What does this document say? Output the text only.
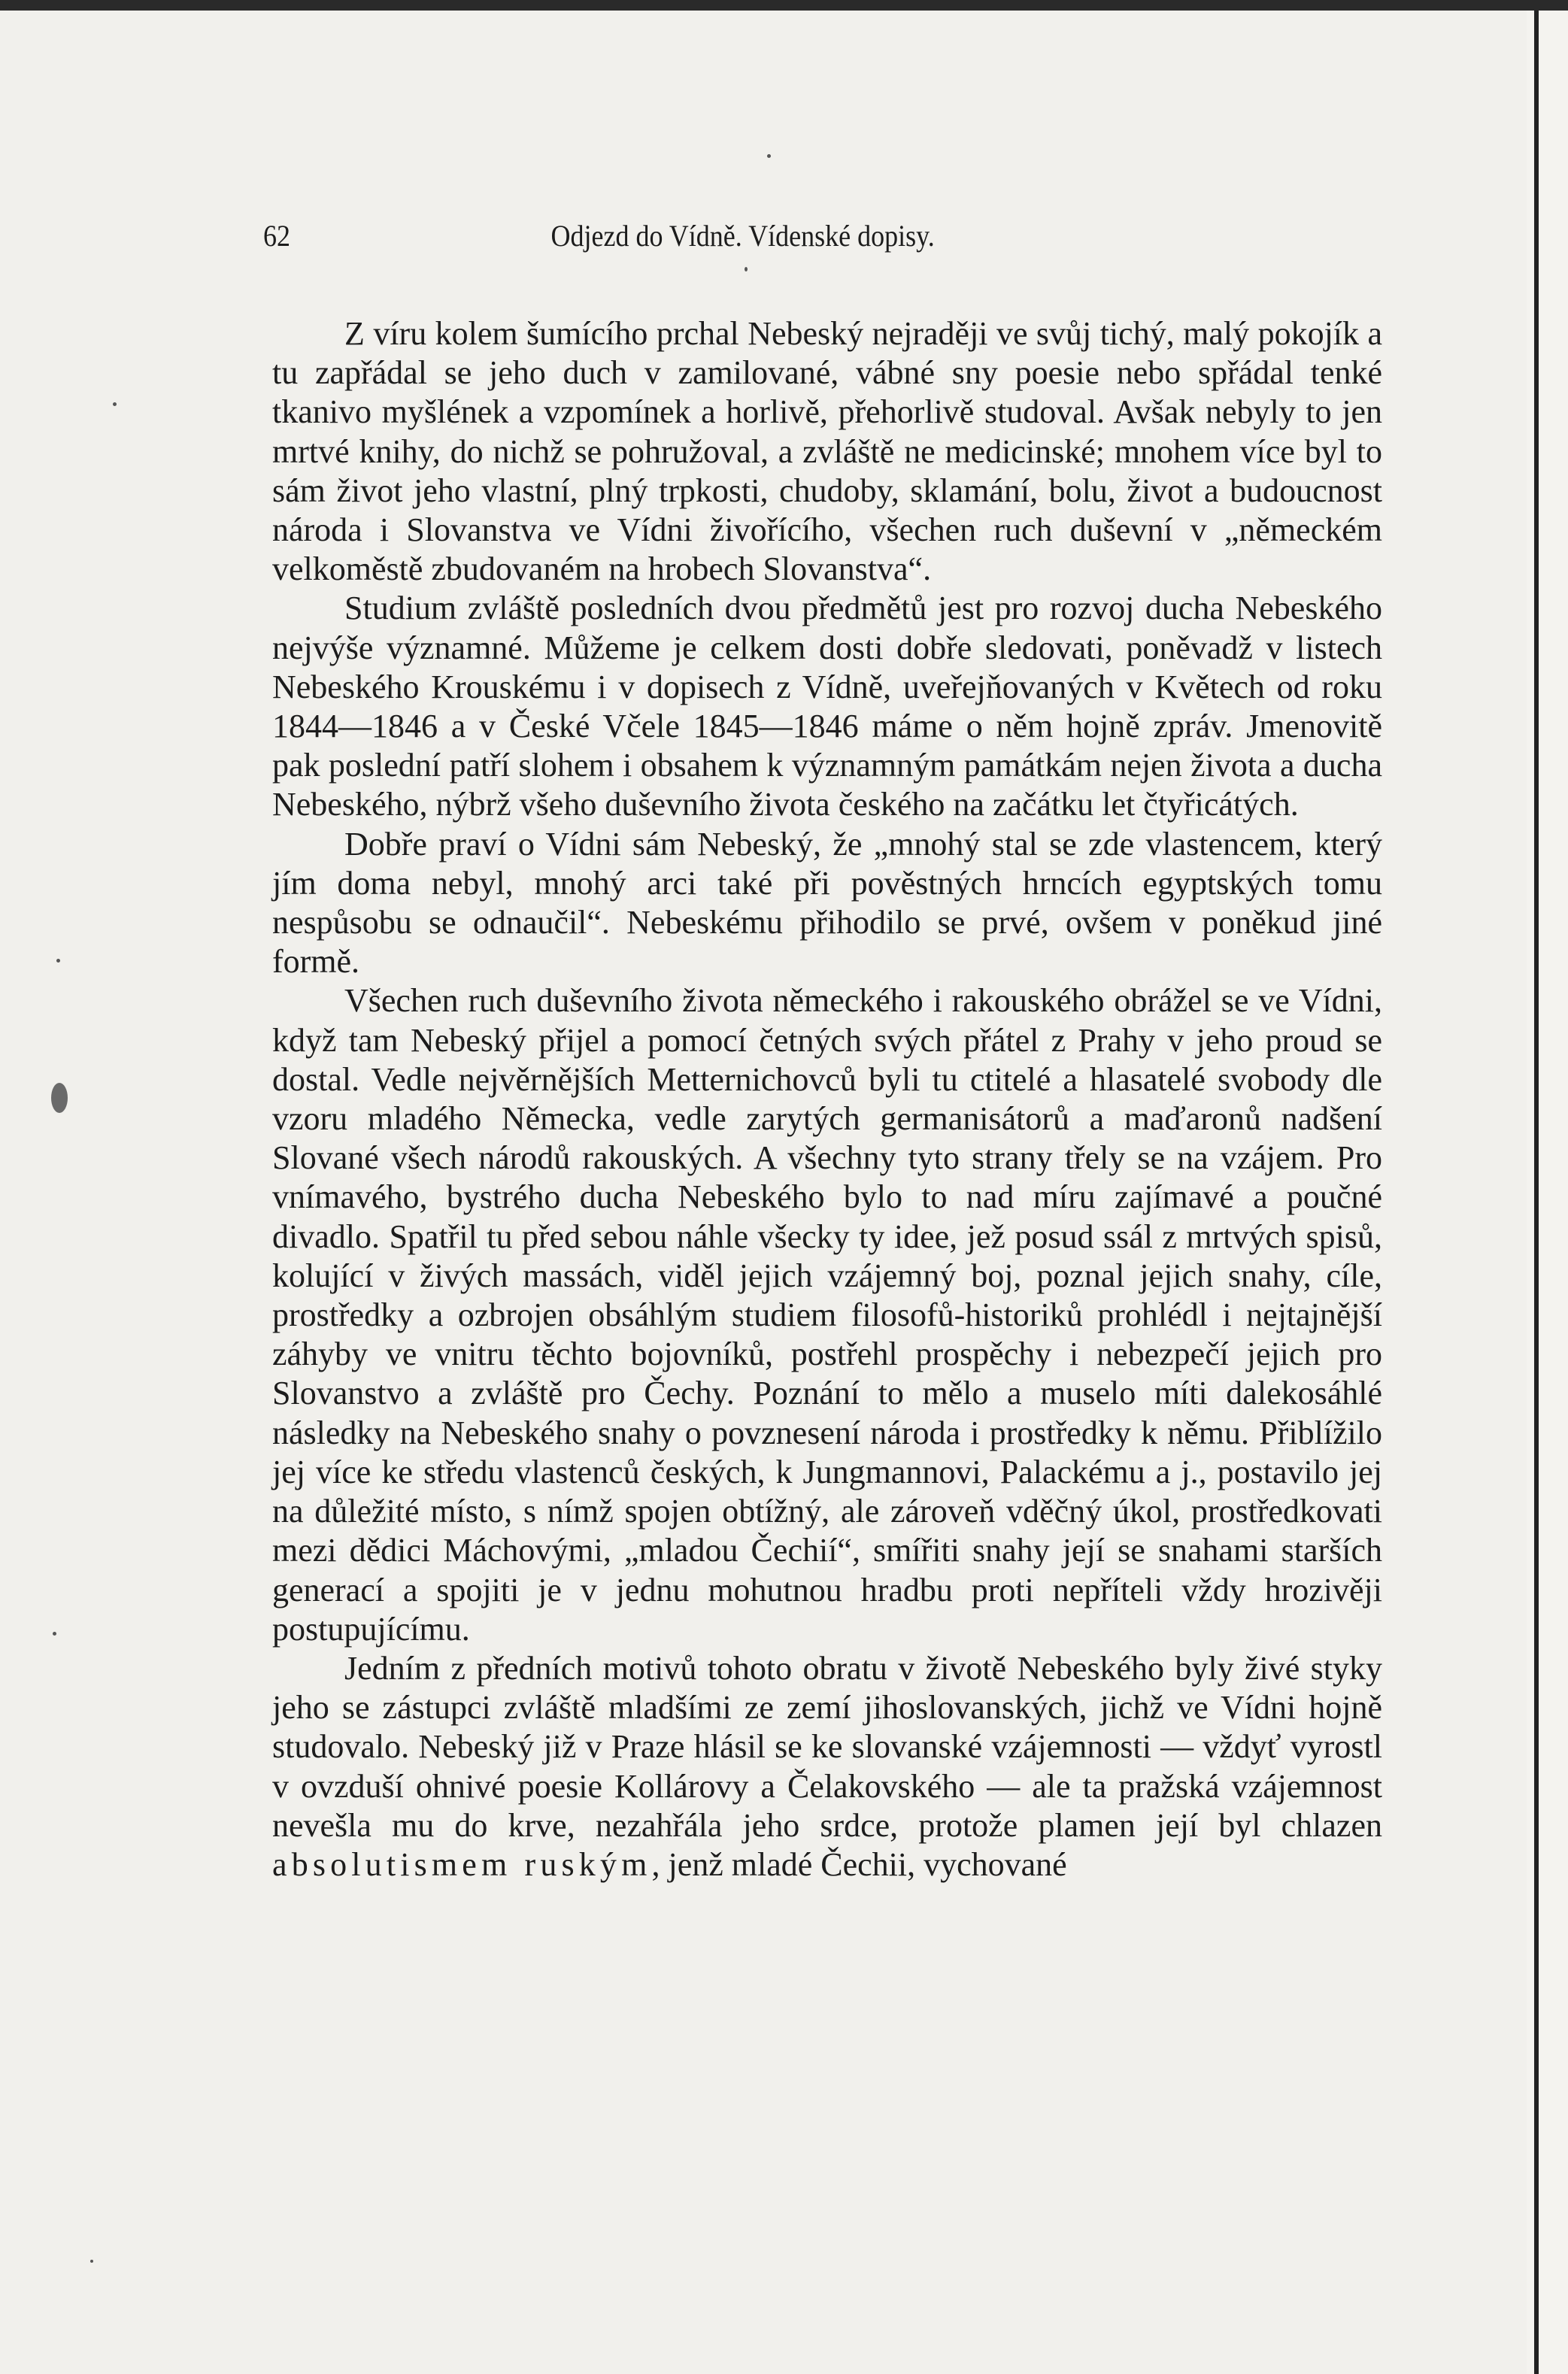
62	Odjezd do Vídně. Vídenské dopisy.

Z víru kolem šumícího prchal Nebeský nejraději ve svůj tichý, malý pokojík a tu zapřádal se jeho duch v zamilované, vábné sny poesie nebo spřádal tenké tkanivo myšlének a vzpomínek a horlivě, přehorlivě studoval. Avšak nebyly to jen mrtvé knihy, do nichž se pohružoval, a zvláště ne medicinské; mnohem více byl to sám život jeho vlastní, plný trpkosti, chudoby, sklamání, bolu, život a budoucnost národa i Slovanstva ve Vídni živořícího, všechen ruch duševní v „německém velkoměstě zbudovaném na hrobech Slovanstva“.

Studium zvláště posledních dvou předmětů jest pro rozvoj ducha Nebeského nejvýše významné. Můžeme je celkem dosti dobře sledovati, poněvadž v listech Nebeského Krouskému i v dopisech z Vídně, uveřejňovaných v Květech od roku 1844—1846 a v České Včele 1845—1846 máme o něm hojně zpráv. Jmenovitě pak poslední patří slohem i obsahem k významným památkám nejen života a ducha Nebeského, nýbrž všeho duševního života českého na začátku let čtyřicátých.

Dobře praví o Vídni sám Nebeský, že „mnohý stal se zde vlastencem, který jím doma nebyl, mnohý arci také při pověstných hrncích egyptských tomu nespůsobu se odnaučil“. Nebeskému přihodilo se prvé, ovšem v poněkud jiné formě.

Všechen ruch duševního života německého i rakouského obrážel se ve Vídni, když tam Nebeský přijel a pomocí četných svých přátel z Prahy v jeho proud se dostal. Vedle nejvěrnějších Metternichovců byli tu ctitelé a hlasatelé svobody dle vzoru mladého Německa, vedle zarytých germanisátorů a maďaronů nadšení Slované všech národů rakouských. A všechny tyto strany třely se na vzájem. Pro vnímavého, bystrého ducha Nebeského bylo to nad míru zajímavé a poučné divadlo. Spatřil tu před sebou náhle všecky ty idee, jež posud ssál z mrtvých spisů, kolující v živých massách, viděl jejich vzájemný boj, poznal jejich snahy, cíle, prostředky a ozbrojen obsáhlým studiem filosofů-historiků prohlédl i nejtajnější záhyby ve vnitru těchto bojovníků, postřehl prospěchy i nebezpečí jejich pro Slovanstvo a zvláště pro Čechy. Poznání to mělo a muselo míti dalekosáhlé následky na Nebeského snahy o povznesení národa i prostředky k němu. Přiblížilo jej více ke středu vlastenců českých, k Jungmannovi, Palackému a j., postavilo jej na důležité místo, s nímž spojen obtížný, ale zároveň vděčný úkol, prostředkovati mezi dědici Máchovými, „mladou Čechií“, smířiti snahy její se snahami starších generací a spojiti je v jednu mohutnou hradbu proti nepříteli vždy hrozivěji postupujícímu.

Jedním z předních motivů tohoto obratu v životě Nebeského byly živé styky jeho se zástupci zvláště mladšími ze zemí jihoslovanských, jichž ve Vídni hojně studovalo. Nebeský již v Praze hlásil se ke slovanské vzájemnosti — vždyť vyrostl v ovzduší ohnivé poesie Kollárovy a Čelakovského — ale ta pražská vzájemnost nevešla mu do krve, nezahřála jeho srdce, protože plamen její byl chlazen absolutismem ruským, jenž mladé Čechii, vychované
